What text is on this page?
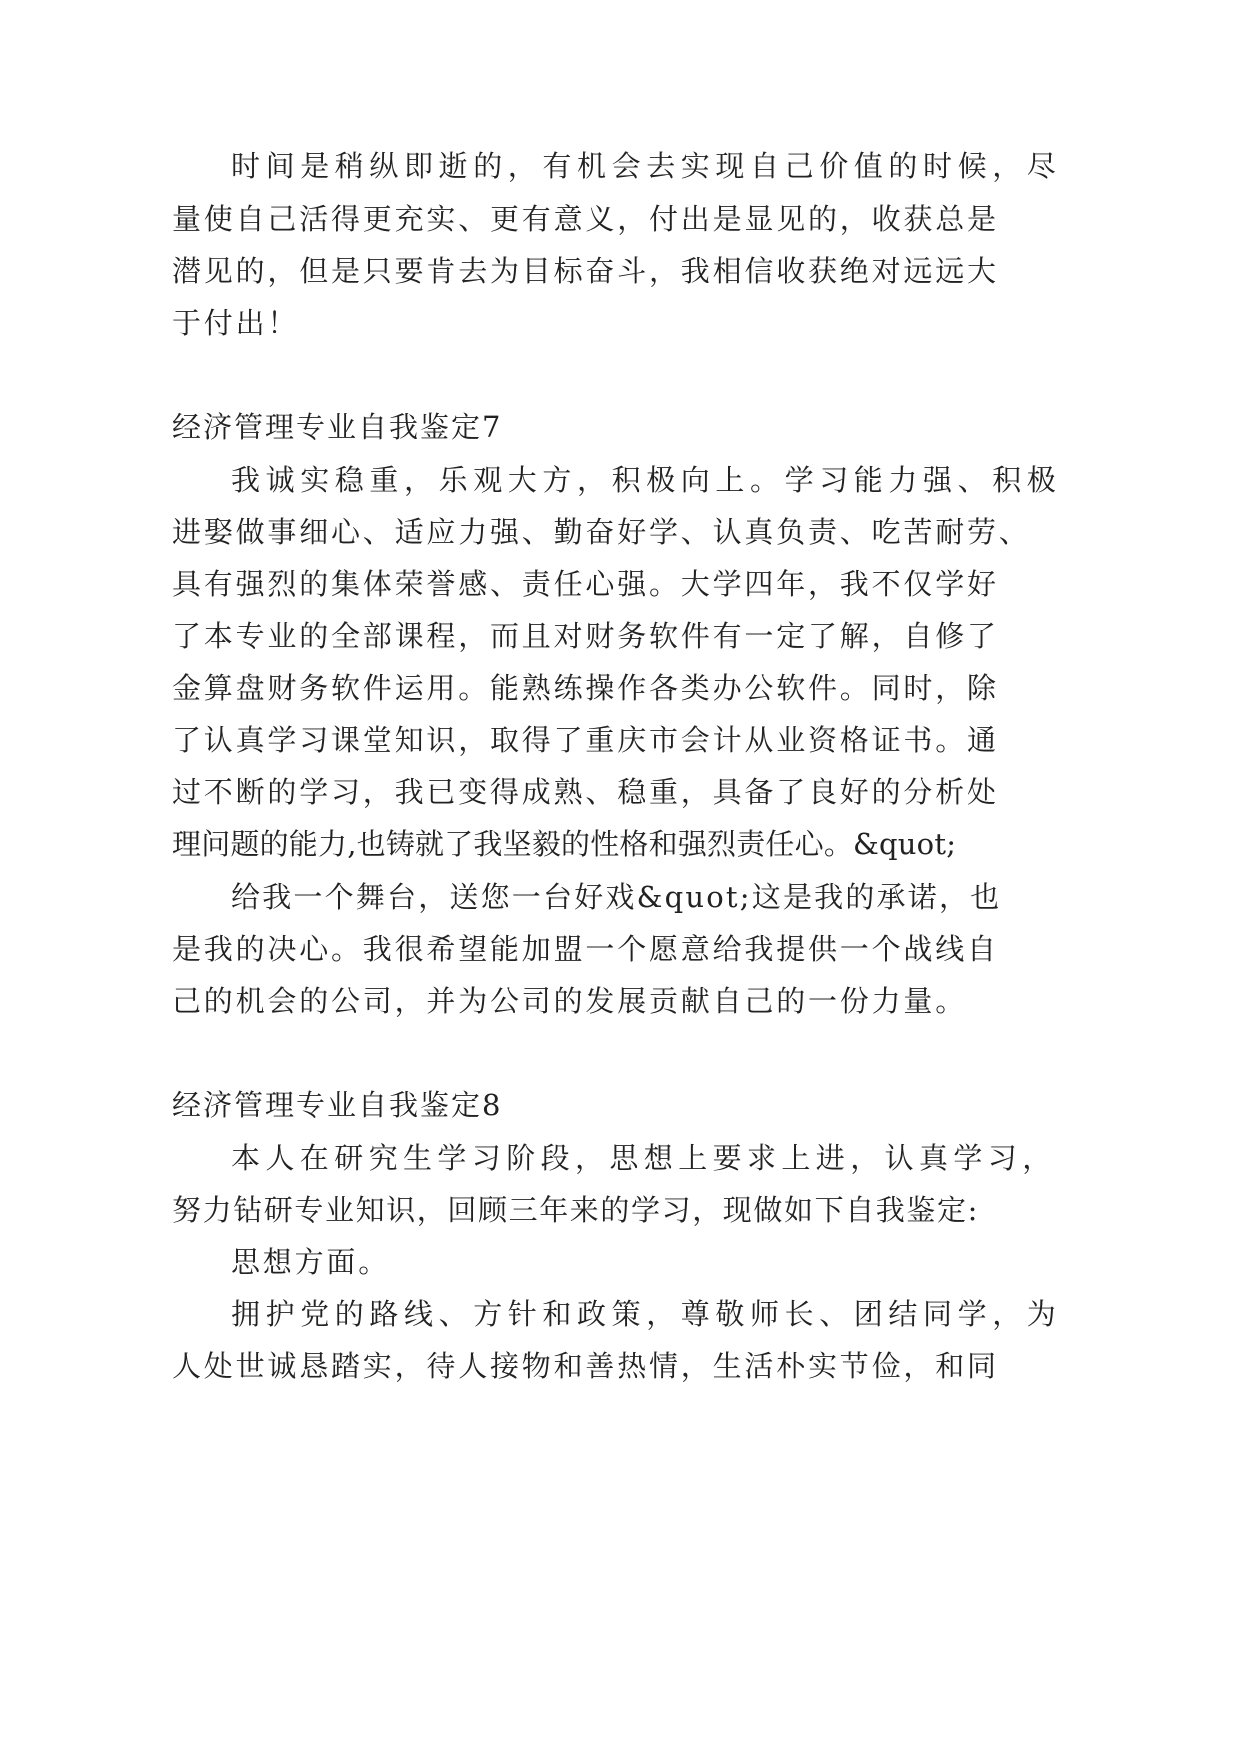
时间是稍纵即逝的，有机会去实现自己价值的时候，尽

量使自己活得更充实、更有意义，付出是显见的，收获总是

潜见的，但是只要肯去为目标奋斗，我相信收获绝对远远大

于付出！

经济管理专业自我鉴定7

我诚实稳重，乐观大方，积极向上。学习能力强、积极

进娶做事细心、适应力强、勤奋好学、认真负责、吃苦耐劳、

具有强烈的集体荣誉感、责任心强。大学四年，我不仅学好

了本专业的全部课程，而且对财务软件有一定了解，自修了

金算盘财务软件运用。能熟练操作各类办公软件。同时，除

了认真学习课堂知识，取得了重庆市会计从业资格证书。通

过不断的学习，我已变得成熟、稳重，具备了良好的分析处

理问题的能力,也铸就了我坚毅的性格和强烈责任心。&quot;

给我一个舞台，送您一台好戏&quot;这是我的承诺，也

是我的决心。我很希望能加盟一个愿意给我提供一个战线自

己的机会的公司，并为公司的发展贡献自己的一份力量。

经济管理专业自我鉴定8

本人在研究生学习阶段，思想上要求上进，认真学习，

努力钻研专业知识，回顾三年来的学习，现做如下自我鉴定:

思想方面。

拥护党的路线、方针和政策，尊敬师长、团结同学，为

人处世诚恳踏实，待人接物和善热情，生活朴实节俭，和同
